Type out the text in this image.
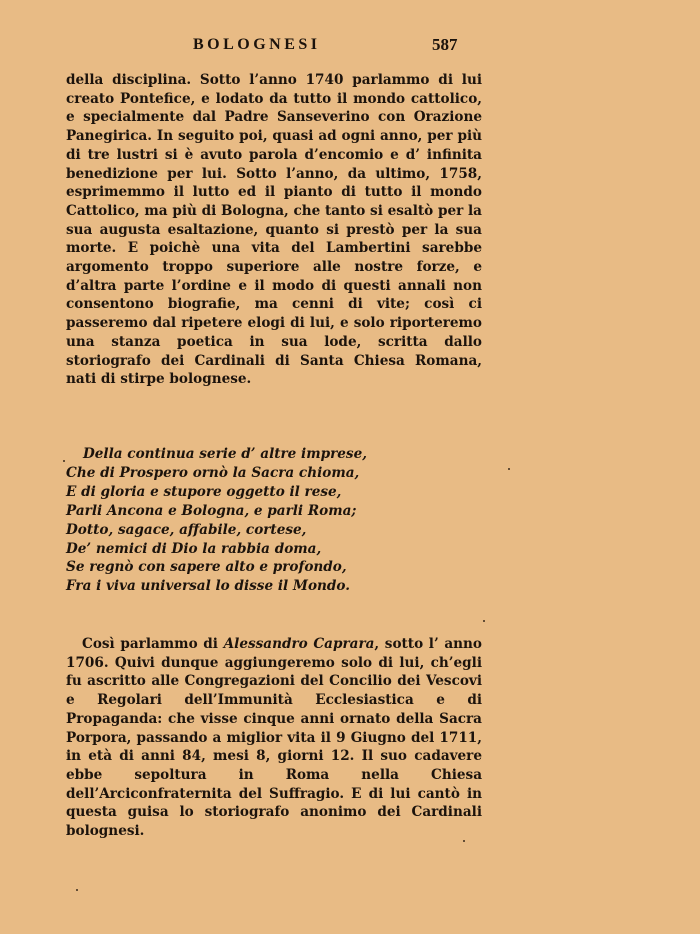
BOLOGNESI	587

della disciplina. Sotto l’anno 1740 parlammo di lui creato Pontefice, e lodato da tutto il mondo cattolico, e specialmente dal Padre Sanseverino con Orazione Panegirica. In seguito poi, quasi ad ogni anno, per più di tre lustri si è avuto parola d’encomio e d’ infinita benedizione per lui. Sotto l’anno, da ultimo, 1758, esprimemmo il lutto ed il pianto di tutto il mondo Cattolico, ma più di Bologna, che tanto si esaltò per la sua augusta esaltazione, quanto si prestò per la sua morte. E poichè una vita del Lambertini sarebbe argomento troppo superiore alle nostre forze, e d’altra parte l’ordine e il modo di questi annali non consentono biografie, ma cenni di vite; così ci passeremo dal ripetere elogi di lui, e solo riporteremo una stanza poetica in sua lode, scritta dallo storiografo dei Cardinali di Santa Chiesa Romana, nati di stirpe bolognese.

Della continua serie d’ altre imprese,
Che di Prospero ornò la Sacra chioma,
E di gloria e stupore oggetto il rese,
Parli Ancona e Bologna, e parli Roma;
Dotto, sagace, affabile, cortese,
De’ nemici di Dio la rabbia doma,
Se regnò con sapere alto e profondo,
Fra i viva universal lo disse il Mondo.

Così parlammo di Alessandro Caprara, sotto l’ anno 1706. Quivi dunque aggiungeremo solo di lui, ch’egli fu ascritto alle Congregazioni del Concilio dei Vescovi e Regolari dell’Immunità Ecclesiastica e di Propaganda: che visse cinque anni ornato della Sacra Porpora, passando a miglior vita il 9 Giugno del 1711, in età di anni 84, mesi 8, giorni 12. Il suo cadavere ebbe sepoltura in Roma nella Chiesa dell’Arciconfraternita del Suffragio. E di lui cantò in questa guisa lo storiografo anonimo dei Cardinali bolognesi.
